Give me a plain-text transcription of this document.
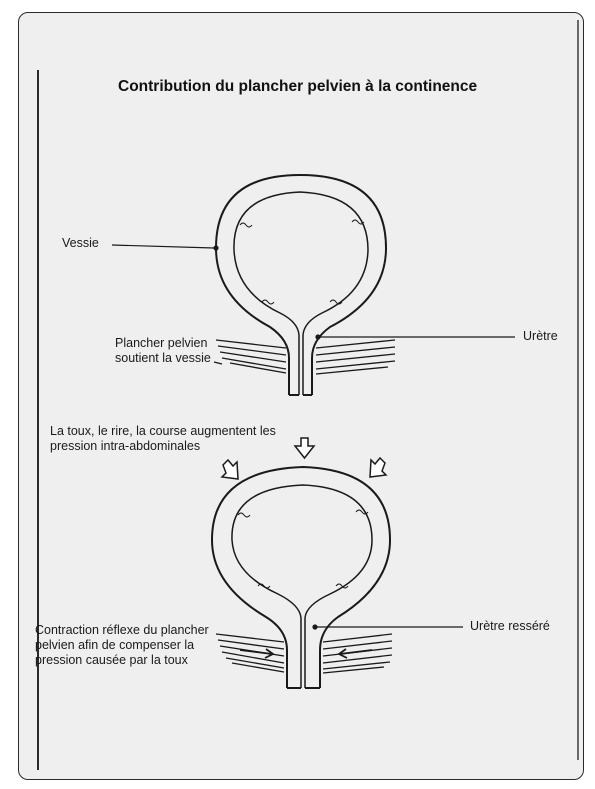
Contribution du plancher pelvien à la continence
Vessie
Plancher pelvien
soutient la vessie
Urètre
La toux, le rire, la course augmentent les
pression intra-abdominales
Contraction réflexe du plancher
pelvien afin de compenser la
pression causée par la toux
Urètre resséré
